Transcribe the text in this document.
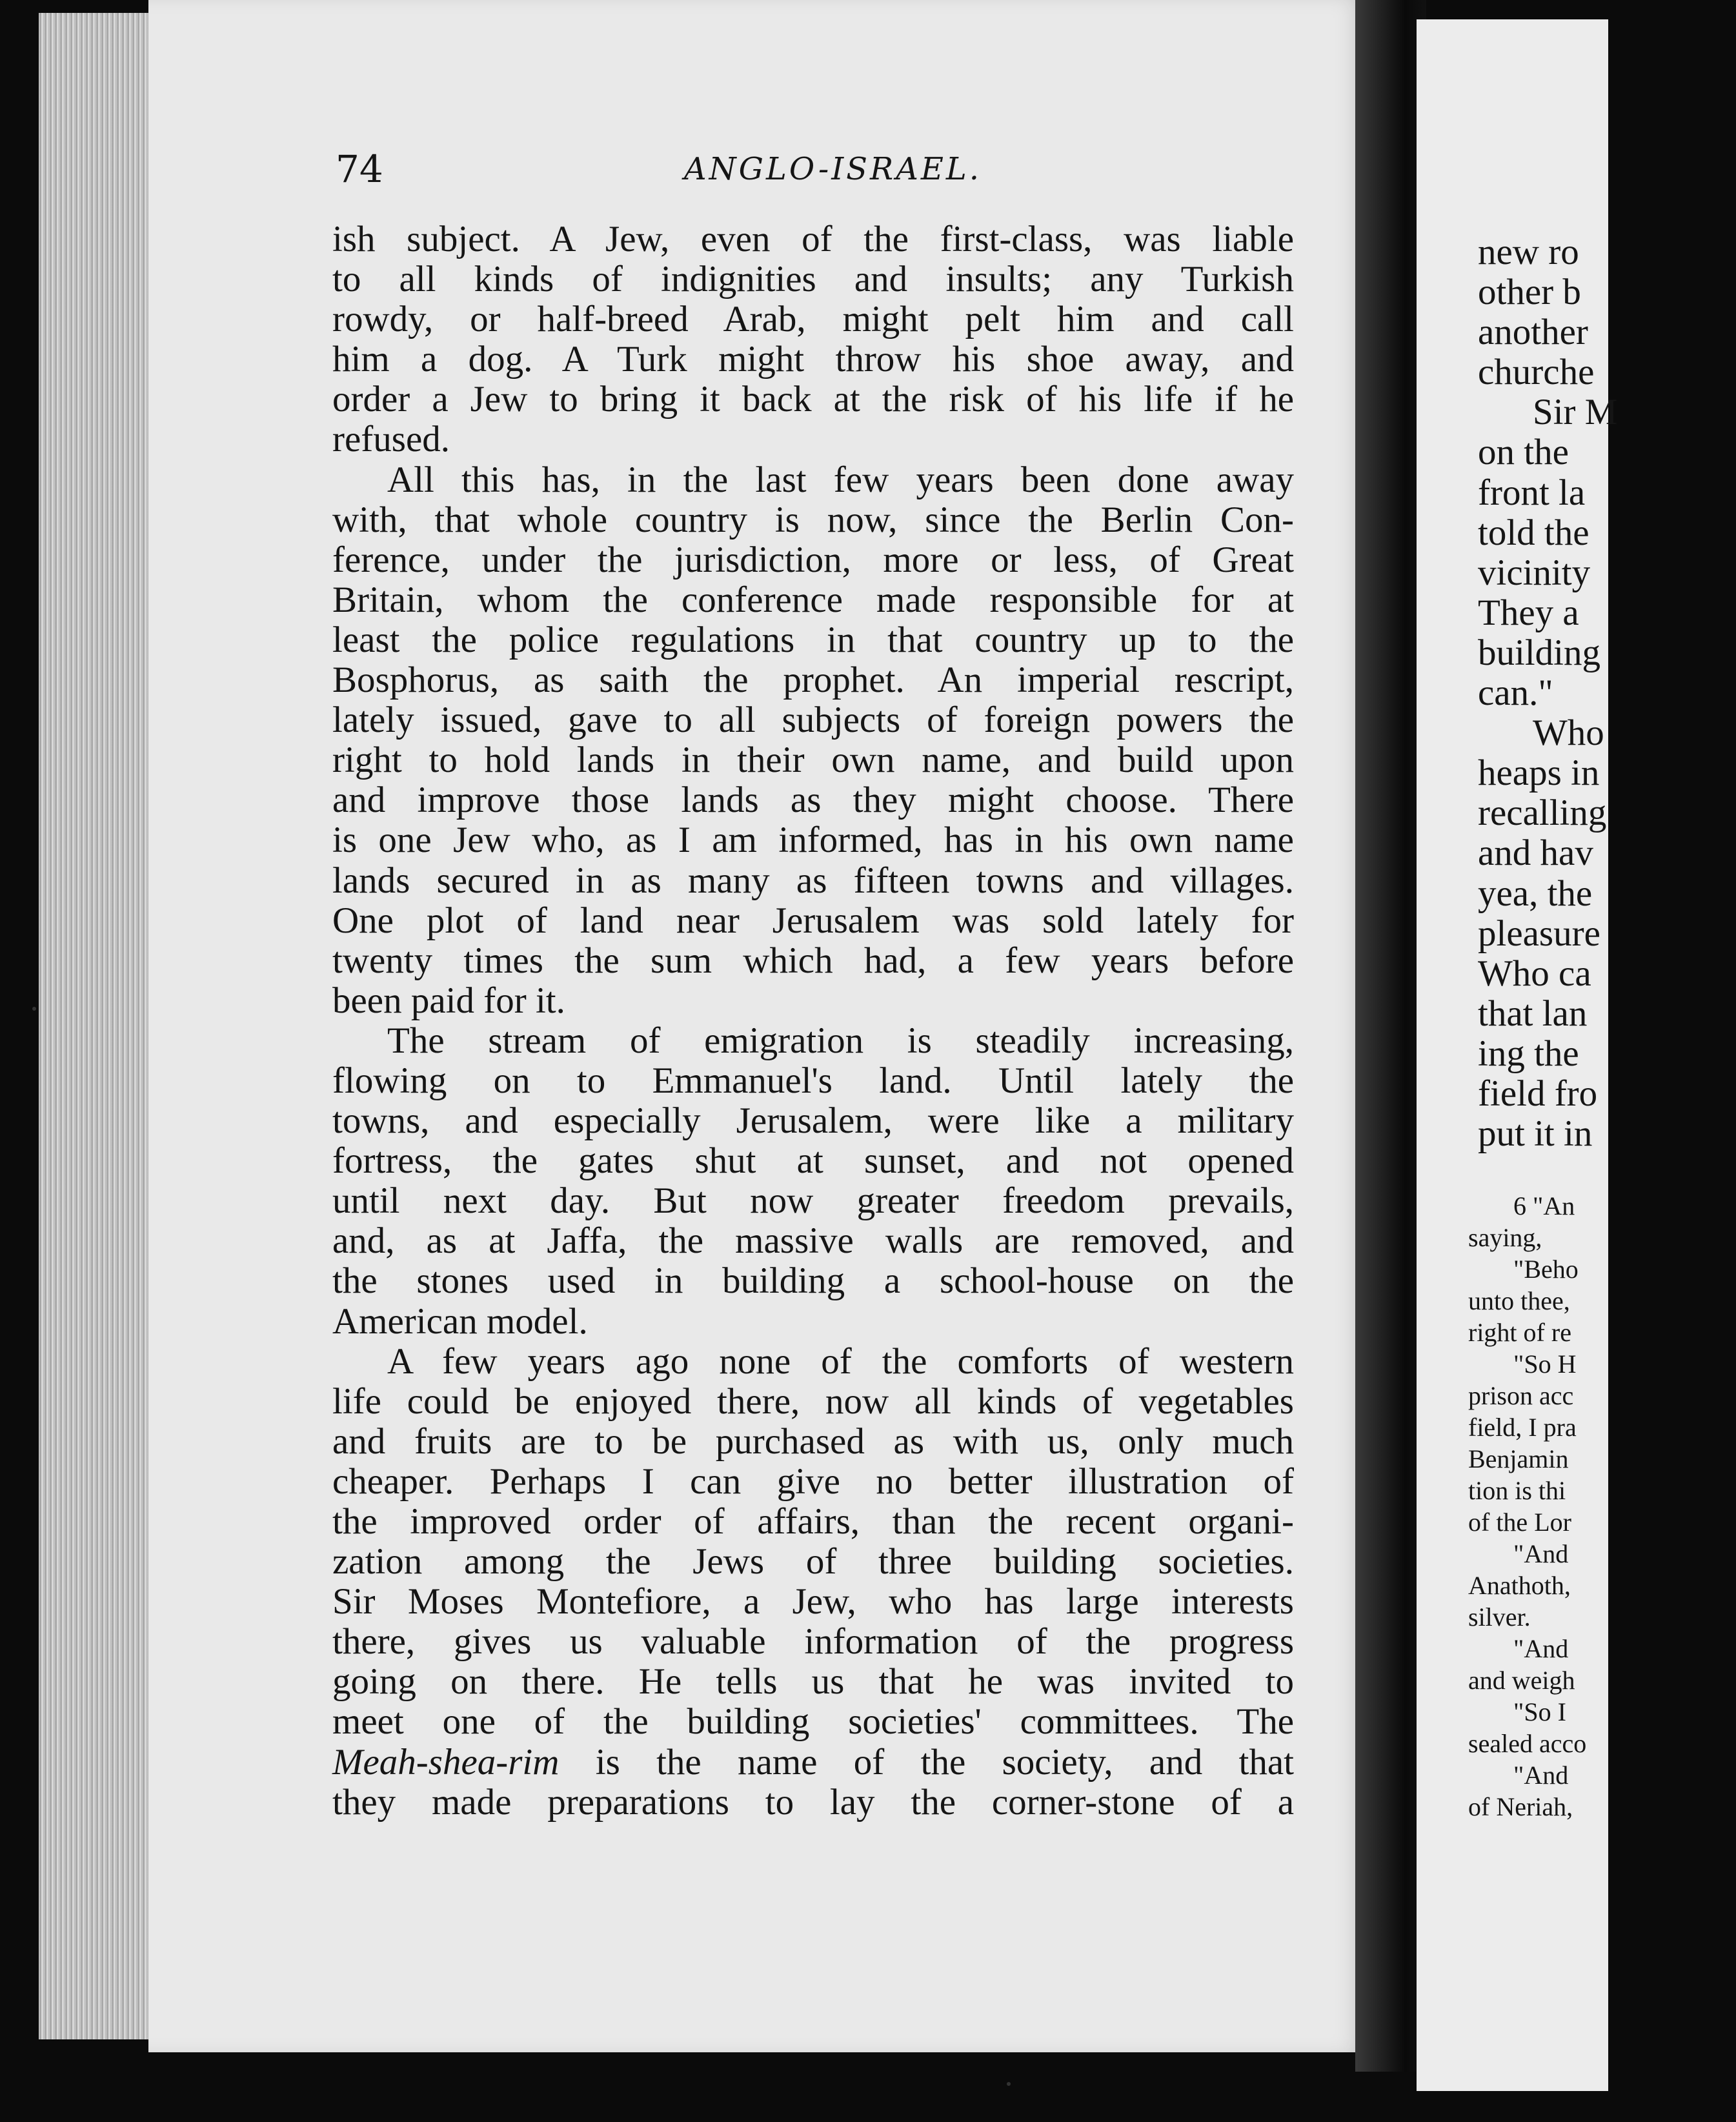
new ro
other b
another
churche
Sir M
on the
front la
told the
vicinity
They a
building
can."
Who
heaps in
recalling
and hav
yea, the
pleasure
Who ca
that lan
ing the
field fro
put it in
6 "An
saying,
"Beho
unto thee,
right of re
"So H
prison acc
field, I pra
Benjamin
tion is thi
of the Lor
"And
Anathoth,
silver.
"And
and weigh
"So I
sealed acco
"And
of Neriah,
74	ANGLO-ISRAEL.
ish subject. A Jew, even of the first-class, was liable
to all kinds of indignities and insults; any Turkish
rowdy, or half-breed Arab, might pelt him and call
him a dog. A Turk might throw his shoe away, and
order a Jew to bring it back at the risk of his life if he
refused.
All this has, in the last few years been done away
with, that whole country is now, since the Berlin Con-
ference, under the jurisdiction, more or less, of Great
Britain, whom the conference made responsible for at
least the police regulations in that country up to the
Bosphorus, as saith the prophet. An imperial rescript,
lately issued, gave to all subjects of foreign powers the
right to hold lands in their own name, and build upon
and improve those lands as they might choose. There
is one Jew who, as I am informed, has in his own name
lands secured in as many as fifteen towns and villages.
One plot of land near Jerusalem was sold lately for
twenty times the sum which had, a few years before
been paid for it.
The stream of emigration is steadily increasing,
flowing on to Emmanuel's land. Until lately the
towns, and especially Jerusalem, were like a military
fortress, the gates shut at sunset, and not opened
until next day. But now greater freedom prevails,
and, as at Jaffa, the massive walls are removed, and
the stones used in building a school-house on the
American model.
A few years ago none of the comforts of western
life could be enjoyed there, now all kinds of vegetables
and fruits are to be purchased as with us, only much
cheaper. Perhaps I can give no better illustration of
the improved order of affairs, than the recent organi-
zation among the Jews of three building societies.
Sir Moses Montefiore, a Jew, who has large interests
there, gives us valuable information of the progress
going on there. He tells us that he was invited to
meet one of the building societies' committees. The
Meah-shea-rim is the name of the society, and that
they made preparations to lay the corner-stone of a
